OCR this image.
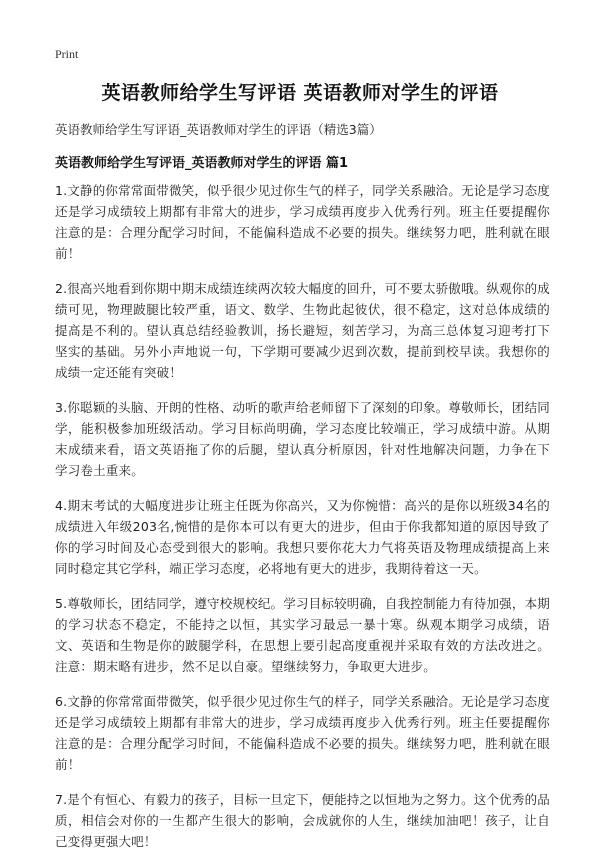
Print
英语教师给学生写评语 英语教师对学生的评语
英语教师给学生写评语_英语教师对学生的评语（精选3篇）
英语教师给学生写评语_英语教师对学生的评语 篇1

1.文静的你常常面带微笑，似乎很少见过你生气的样子，同学关系融洽。无论是学习态度还是学习成绩较上期都有非常大的进步，学习成绩再度步入优秀行列。班主任要提醒你注意的是：合理分配学习时间，不能偏科造成不必要的损失。继续努力吧，胜利就在眼前！

2.很高兴地看到你期中期末成绩连续两次较大幅度的回升，可不要太骄傲哦。纵观你的成绩可见，物理跛腿比较严重，语文、数学、生物此起彼伏，很不稳定，这对总体成绩的提高是不利的。望认真总结经验教训，扬长避短，刻苦学习，为高三总体复习迎考打下坚实的基础。另外小声地说一句，下学期可要减少迟到次数，提前到校早读。我想你的成绩一定还能有突破！

3.你聪颖的头脑、开朗的性格、动听的歌声给老师留下了深刻的印象。尊敬师长，团结同学，能积极参加班级活动。学习目标尚明确，学习态度比较端正，学习成绩中游。从期末成绩来看，语文英语拖了你的后腿，望认真分析原因，针对性地解决问题，力争在下学习卷土重来。

4.期末考试的大幅度进步让班主任既为你高兴，又为你惋惜：高兴的是你以班级34名的成绩进入年级203名,惋惜的是你本可以有更大的进步，但由于你我都知道的原因导致了你的学习时间及心态受到很大的影响。我想只要你花大力气将英语及物理成绩提高上来同时稳定其它学科，端正学习态度，必将地有更大的进步，我期待着这一天。

5.尊敬师长，团结同学，遵守校规校纪。学习目标较明确，自我控制能力有待加强，本期的学习状态不稳定，不能持之以恒，其实学习最忌一暴十寒。纵观本期学习成绩，语文、英语和生物是你的跛腿学科，在思想上要引起高度重视并采取有效的方法改进之。注意：期末略有进步，然不足以自豪。望继续努力，争取更大进步。

6.文静的你常常面带微笑，似乎很少见过你生气的样子，同学关系融洽。无论是学习态度还是学习成绩较上期都有非常大的进步，学习成绩再度步入优秀行列。班主任要提醒你注意的是：合理分配学习时间，不能偏科造成不必要的损失。继续努力吧，胜利就在眼前！

7.是个有恒心、有毅力的孩子，目标一旦定下，便能持之以恒地为之努力。这个优秀的品质，相信会对你的一生都产生很大的影响，会成就你的人生，继续加油吧！孩子，让自己变得更强大吧！
